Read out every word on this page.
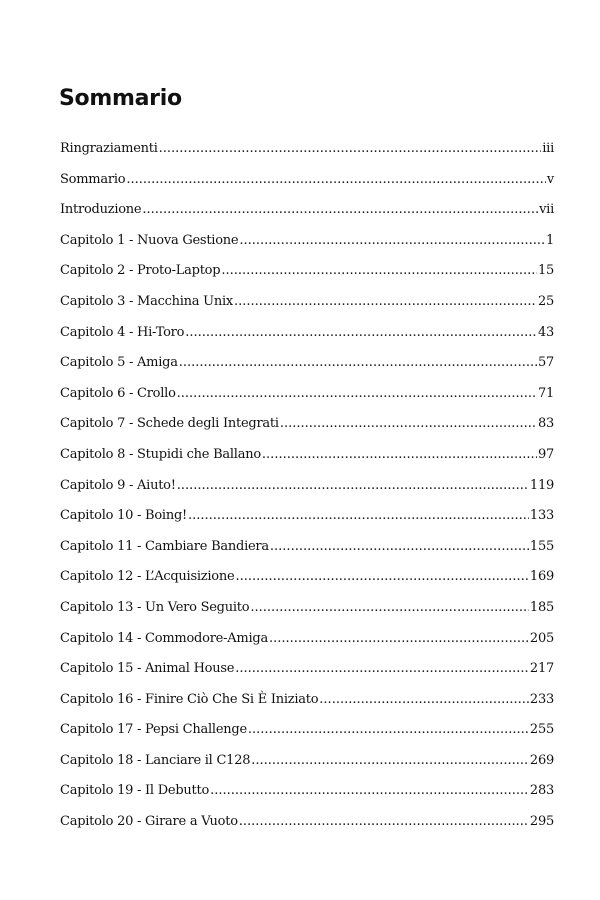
Sommario
Ringraziamenti .....	iii
Sommario .....	v
Introduzione .....	vii
Capitolo 1 - Nuova Gestione .....	1
Capitolo 2 - Proto-Laptop .....	15
Capitolo 3 - Macchina Unix .....	25
Capitolo 4 - Hi-Toro .....	43
Capitolo 5 - Amiga .....	57
Capitolo 6 - Crollo .....	71
Capitolo 7 - Schede degli Integrati .....	83
Capitolo 8 - Stupidi che Ballano .....	97
Capitolo 9 - Aiuto! .....	119
Capitolo 10 - Boing! .....	133
Capitolo 11 - Cambiare Bandiera .....	155
Capitolo 12 - L’Acquisizione .....	169
Capitolo 13 - Un Vero Seguito .....	185
Capitolo 14 - Commodore-Amiga .....	205
Capitolo 15 - Animal House .....	217
Capitolo 16 - Finire Ciò Che Si È Iniziato .....	233
Capitolo 17 - Pepsi Challenge .....	255
Capitolo 18 - Lanciare il C128 .....	269
Capitolo 19 - Il Debutto .....	283
Capitolo 20 - Girare a Vuoto .....	295
